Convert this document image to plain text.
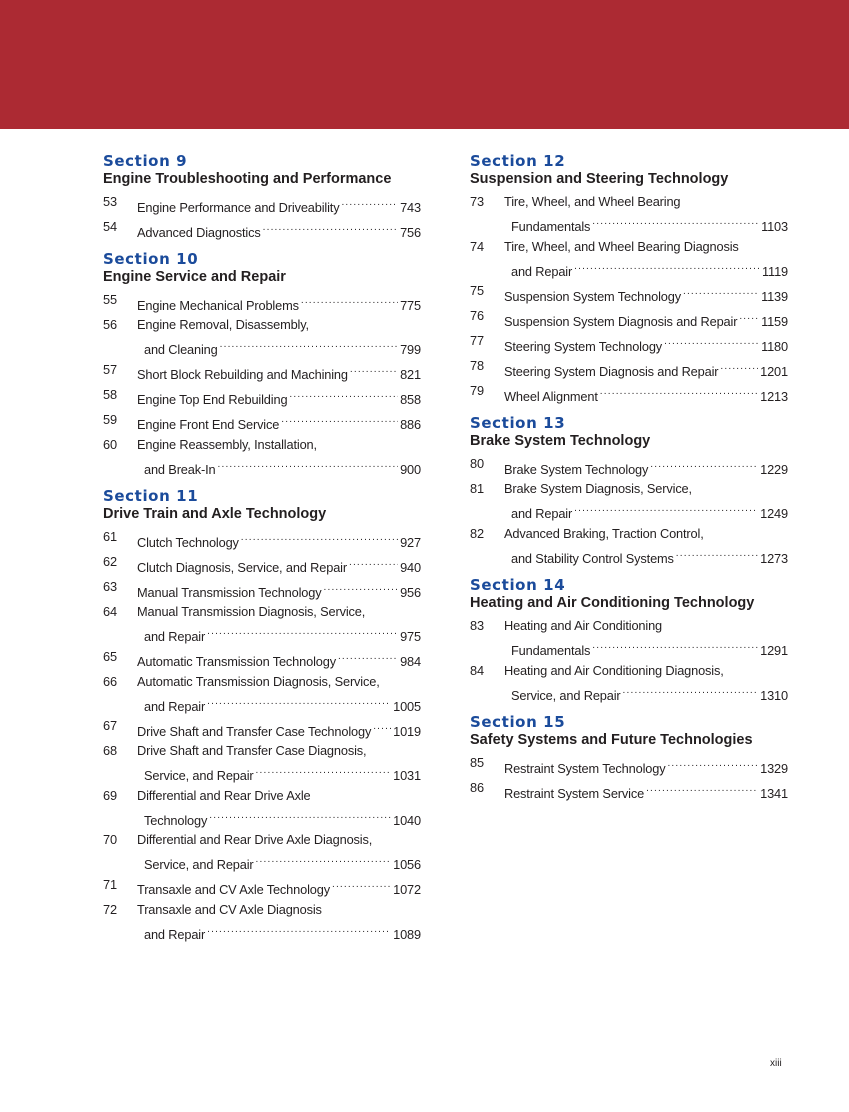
Section 9
Engine Troubleshooting and Performance
53	Engine Performance and Driveability .....	743
54	Advanced Diagnostics .....	756
Section 10
Engine Service and Repair
55	Engine Mechanical Problems .....	775
56	Engine Removal, Disassembly,
and Cleaning .....	799
57	Short Block Rebuilding and Machining .....	821
58	Engine Top End Rebuilding .....	858
59	Engine Front End Service .....	886
60	Engine Reassembly, Installation,
and Break-In .....	900
Section 11
Drive Train and Axle Technology
61	Clutch Technology .....	927
62	Clutch Diagnosis, Service, and Repair .....	940
63	Manual Transmission Technology .....	956
64	Manual Transmission Diagnosis, Service,
and Repair .....	975
65	Automatic Transmission Technology .....	984
66	Automatic Transmission Diagnosis, Service,
and Repair .....	1005
67	Drive Shaft and Transfer Case Technology ..... 1019
68	Drive Shaft and Transfer Case Diagnosis,
Service, and Repair .....	1031
69	Differential and Rear Drive Axle
Technology .....	1040
70	Differential and Rear Drive Axle Diagnosis,
Service, and Repair .....	1056
71	Transaxle and CV Axle Technology .....	1072
72	Transaxle and CV Axle Diagnosis
and Repair .....	1089
Section 12
Suspension and Steering Technology
73	Tire, Wheel, and Wheel Bearing
Fundamentals .....	1103
74	Tire, Wheel, and Wheel Bearing Diagnosis
and Repair .....	1119
75	Suspension System Technology .....	1139
76	Suspension System Diagnosis and Repair ..... 1159
77	Steering System Technology .....	1180
78	Steering System Diagnosis and Repair .....	1201
79	Wheel Alignment .....	1213
Section 13
Brake System Technology
80	Brake System Technology .....	1229
81	Brake System Diagnosis, Service,
and Repair .....	1249
82	Advanced Braking, Traction Control,
and Stability Control Systems .....	1273
Section 14
Heating and Air Conditioning Technology
83	Heating and Air Conditioning
Fundamentals .....	1291
84	Heating and Air Conditioning Diagnosis,
Service, and Repair .....	1310
Section 15
Safety Systems and Future Technologies
85	Restraint System Technology .....	1329
86	Restraint System Service .....	1341
xiii
